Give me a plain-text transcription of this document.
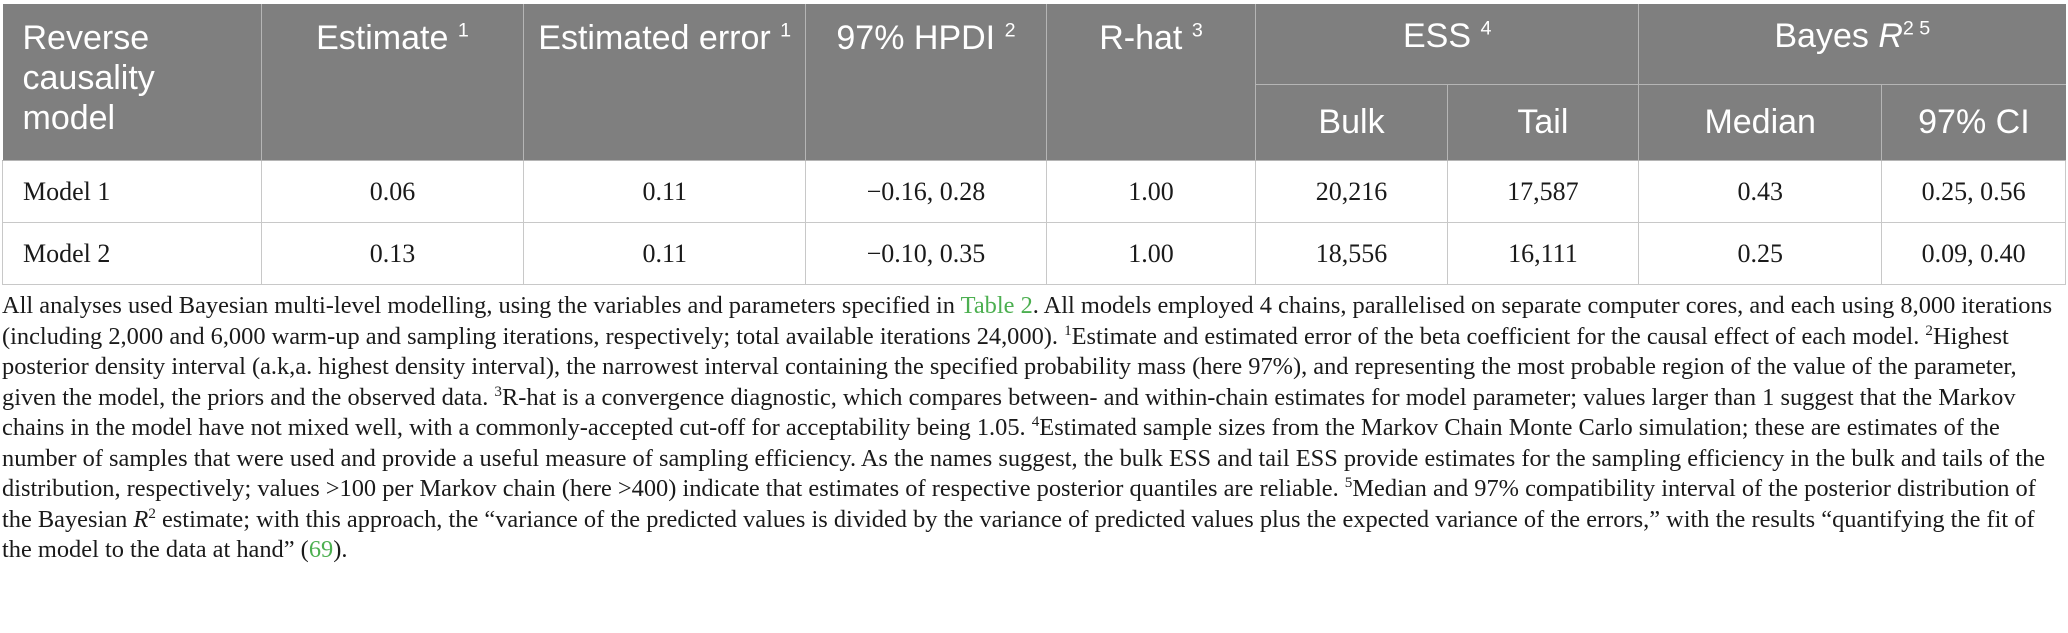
Reverse causality model	Estimate $^1$	Estimated error $^1$	97% HPDI $^2$	R-hat $^3$	ESS $^4$		Bayes $R^{2 5}$
					Bulk	Tail	Median	97% CI
Model 1	0.06	0.11	−0.16, 0.28	1.00	20,216	17,587	0.43	0.25, 0.56
Model 2	0.13	0.11	−0.10, 0.35	1.00	18,556	16,111	0.25	0.09, 0.40

All analyses used Bayesian multi-level modelling, using the variables and parameters specified in Table 2. All models employed 4 chains, parallelised on separate computer cores, and each using 8,000 iterations (including 2,000 and 6,000 warm-up and sampling iterations, respectively; total available iterations 24,000). $^1$Estimate and estimated error of the beta coefficient for the causal effect of each model. $^2$Highest posterior density interval (a.k,a. highest density interval), the narrowest interval containing the specified probability mass (here 97%), and representing the most probable region of the value of the parameter, given the model, the priors and the observed data. $^3$R-hat is a convergence diagnostic, which compares between- and within-chain estimates for model parameter; values larger than 1 suggest that the Markov chains in the model have not mixed well, with a commonly-accepted cut-off for acceptability being 1.05. $^4$Estimated sample sizes from the Markov Chain Monte Carlo simulation; these are estimates of the number of samples that were used and provide a useful measure of sampling efficiency. As the names suggest, the bulk ESS and tail ESS provide estimates for the sampling efficiency in the bulk and tails of the distribution, respectively; values >100 per Markov chain (here >400) indicate that estimates of respective posterior quantiles are reliable. $^5$Median and 97% compatibility interval of the posterior distribution of the Bayesian $R^2$ estimate; with this approach, the “variance of the predicted values is divided by the variance of predicted values plus the expected variance of the errors,” with the results “quantifying the fit of the model to the data at hand” (69).
